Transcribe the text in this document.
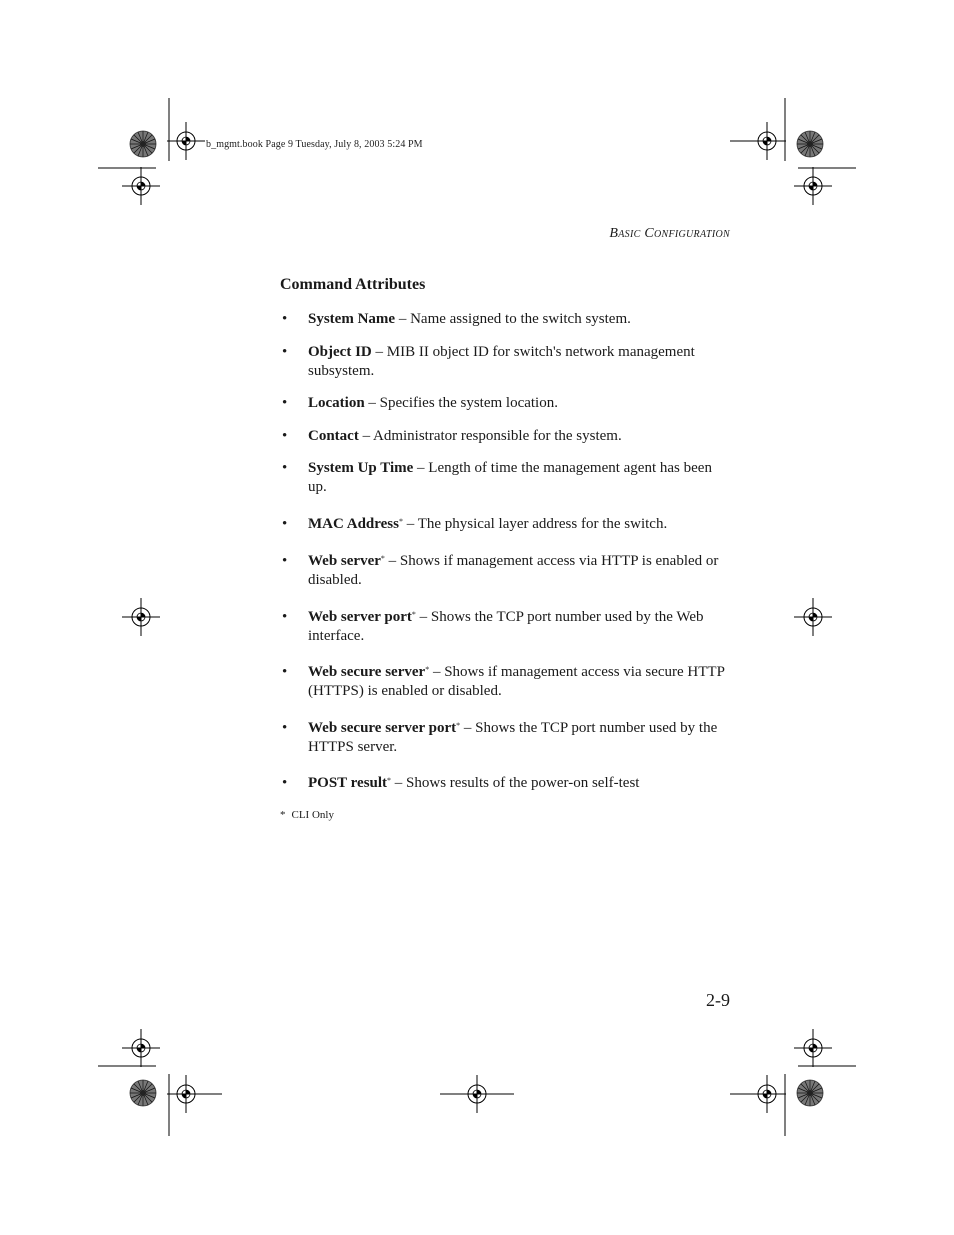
b_mgmt.book Page 9 Tuesday, July 8, 2003 5:24 PM
Basic Configuration
Command Attributes
• System Name – Name assigned to the switch system.
• Object ID – MIB II object ID for switch's network management subsystem.
• Location – Specifies the system location.
• Contact – Administrator responsible for the system.
• System Up Time – Length of time the management agent has been up.
• MAC Address* – The physical layer address for the switch.
• Web server* – Shows if management access via HTTP is enabled or disabled.
• Web server port* – Shows the TCP port number used by the Web interface.
• Web secure server* – Shows if management access via secure HTTP (HTTPS) is enabled or disabled.
• Web secure server port* – Shows the TCP port number used by the HTTPS server.
• POST result* – Shows results of the power-on self-test
* CLI Only
2-9
